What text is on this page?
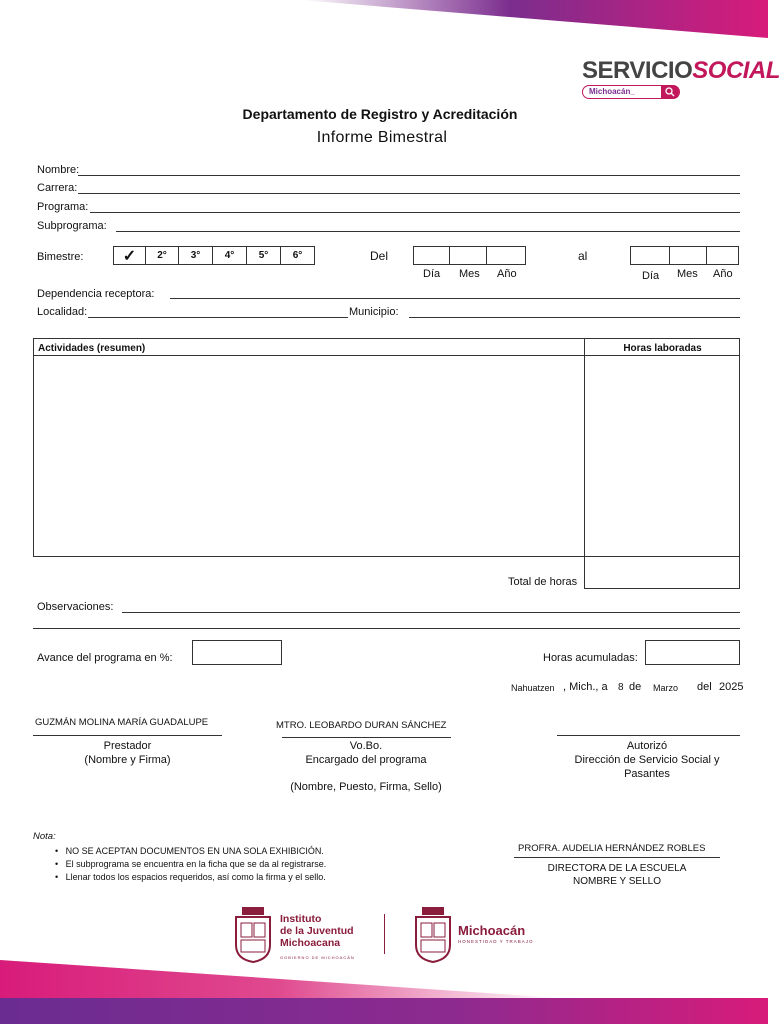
SERVICIOSOCIAL
Michoacán_
Departamento de Registro y Acreditación
Informe Bimestral
Nombre:
Carrera:
Programa:
Subprograma:
Bimestre:	Del
Día Mes Año
al
Día Mes Año
Dependencia receptora:
Localidad:	Municipio:
Actividades (resumen)	Horas laboradas
Total de horas
Observaciones:
Avance del programa en %:	Horas acumuladas:
Nahuatzen , Mich., a 8 de Marzo del 2025
GUZMÁN MOLINA MARÍA GUADALUPE
Prestador
(Nombre y Firma)
MTRO. LEOBARDO DURAN SÁNCHEZ
Vo.Bo.
Encargado del programa
(Nombre, Puesto, Firma, Sello)
Autorizó
Dirección de Servicio Social y
Pasantes
Nota:
•   NO SE ACEPTAN DOCUMENTOS EN UNA SOLA EXHIBICIÓN.
•   El subprograma se encuentra en la ficha que se da al registrarse.
•   Llenar todos los espacios requeridos, así como la firma y el sello.
PROFRA. AUDELIA HERNÁNDEZ ROBLES
DIRECTORA DE LA ESCUELA
NOMBRE Y SELLO
Instituto
de la Juventud
Michoacana
GOBIERNO DE MICHOACÁN
Michoacán
HONESTIDAD Y TRABAJO
✓	2°	3°	4°	5°	6°
